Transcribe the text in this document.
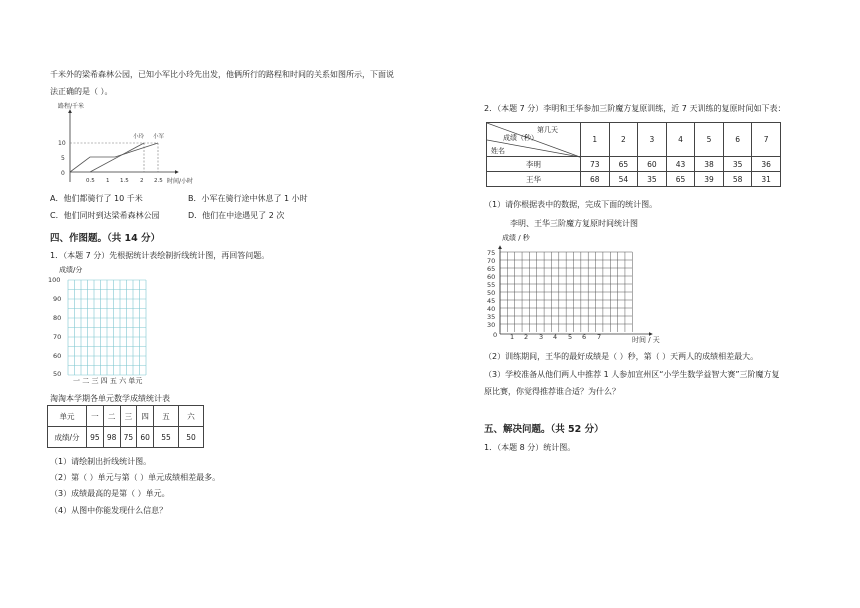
千米外的梁希森林公园，已知小军比小玲先出发，他俩所行的路程和时间的关系如图所示，下面说
法正确的是（ ）。
路程/千米
10
5
0
小玲 小军
0.5 1 1.5 2 2.5 时间/小时
A．他们都骑行了 10 千米	B．小军在骑行途中休息了 1 小时
C．他们同时到达梁希森林公园	D．他们在中途遇见了 2 次
四、作图题。（共 14 分）
1．（本题 7 分）先根据统计表绘制折线统计图，再回答问题。
成绩/分
100
90
80
70
60
50
一 二 三 四 五 六 单元
淘淘本学期各单元数学成绩统计表
单元	一	二	三	四	五	六
成绩/分	95	98	75	60	55	50
（1）请绘制出折线统计图。
（2）第（ ）单元与第（ ）单元成绩相差最多。
（3）成绩最高的是第（ ）单元。
（4）从图中你能发现什么信息？
2．（本题 7 分）李明和王华参加三阶魔方复原训练，近 7 天训练的复原时间如下表：
第几天
成绩（秒）
姓名	1	2	3	4	5	6	7
李明	73	65	60	43	38	35	36
王华	68	54	35	65	39	58	31
（1）请你根据表中的数据，完成下面的统计图。
李明、王华三阶魔方复原时间统计图
成绩 / 秒
75
70
65
60
55
50
45
40
35
30
0 1 2 3 4 5 6 7	时间 / 天
（2）训练期间，王华的最好成绩是（ ）秒，第（ ）天两人的成绩相差最大。
（3）学校准备从他们两人中推荐 1 人参加宣州区“小学生数学益智大赛”三阶魔方复
原比赛，你觉得推荐谁合适？为什么？
五、解决问题。（共 52 分）
1．（本题 8 分）统计图。
